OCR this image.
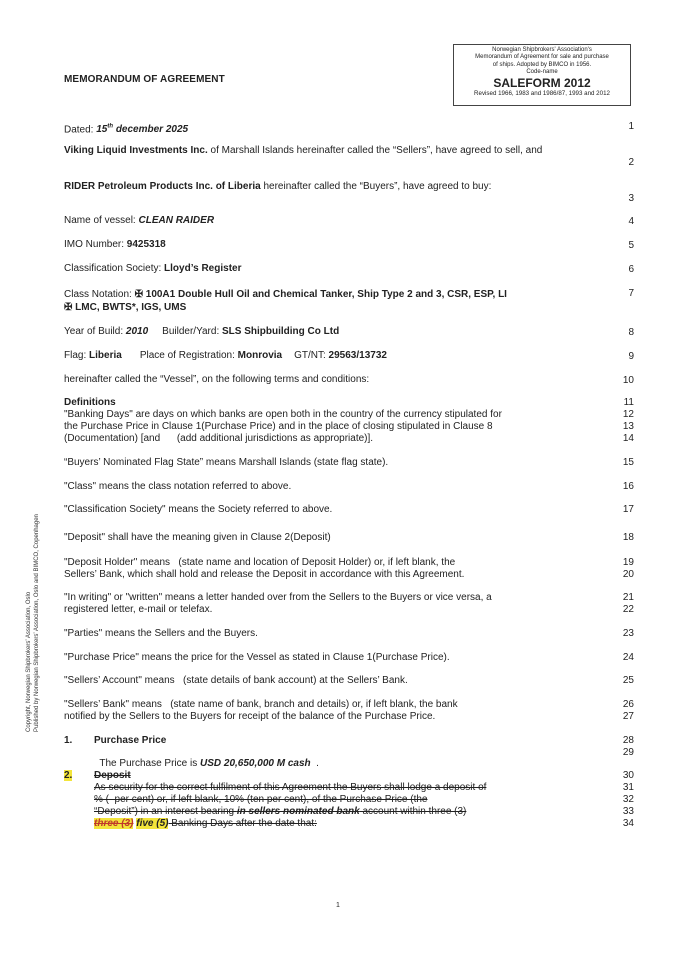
MEMORANDUM OF AGREEMENT
Norwegian Shipbrokers' Association's
Memorandum of Agreement for sale and purchase
of ships. Adopted by BIMCO in 1956.
Code-name
SALEFORM 2012
Revised 1966, 1983 and 1986/87, 1993 and 2012
Dated: 15th december 2025
Viking Liquid Investments Inc. of Marshall Islands hereinafter called the “Sellers”, have agreed to sell, and
RIDER Petroleum Products Inc. of Liberia hereinafter called the “Buyers”, have agreed to buy:
Name of vessel: CLEAN RAIDER
IMO Number: 9425318
Classification Society: Lloyd’s Register
Class Notation: ✠ 100A1 Double Hull Oil and Chemical Tanker, Ship Type 2 and 3, CSR, ESP, LI
✠ LMC, BWTS*, IGS, UMS
Year of Build: 2010 Builder/Yard: SLS Shipbuilding Co Ltd
Flag: Liberia Place of Registration: Monrovia GT/NT: 29563/13732
hereinafter called the “Vessel”, on the following terms and conditions:
Definitions
"Banking Days" are days on which banks are open both in the country of the currency stipulated for
the Purchase Price in Clause 1(Purchase Price) and in the place of closing stipulated in Clause 8
(Documentation) [and      (add additional jurisdictions as appropriate)].
“Buyers’ Nominated Flag State” means Marshall Islands (state flag state).
"Class" means the class notation referred to above.
"Classification Society" means the Society referred to above.
"Deposit" shall have the meaning given in Clause 2(Deposit)
"Deposit Holder" means   (state name and location of Deposit Holder) or, if left blank, the
Sellers’ Bank, which shall hold and release the Deposit in accordance with this Agreement.
"In writing" or "written" means a letter handed over from the Sellers to the Buyers or vice versa, a
registered letter, e-mail or telefax.
"Parties" means the Sellers and the Buyers.
"Purchase Price" means the price for the Vessel as stated in Clause 1(Purchase Price).
"Sellers’ Account" means   (state details of bank account) at the Sellers’ Bank.
"Sellers’ Bank" means   (state name of bank, branch and details) or, if left blank, the bank
notified by the Sellers to the Buyers for receipt of the balance of the Purchase Price.
1. Purchase Price

The Purchase Price is USD 20,650,000 M cash  .

2. Deposit
As security for the correct fulfilment of this Agreement the Buyers shall lodge a deposit of
% (  per cent) or, if left blank, 10% (ten per cent), of the Purchase Price (the
“Deposit”) in an interest bearing in sellers nominated bank account within three (3)
three (3) five (5) Banking Days after the date that:
1
2
3
4
5
6
7
8
9
10
11
12
13
14
15
16
17
18
19
20
21
22
23
24
25
26
27
28
29
30
31
32
33
34
Copyright, Norwegian Shipbrokers’ Association, Oslo Published by Norwegian Shipbrokers’ Association, Oslo and BIMCO, Copenhagen
1
